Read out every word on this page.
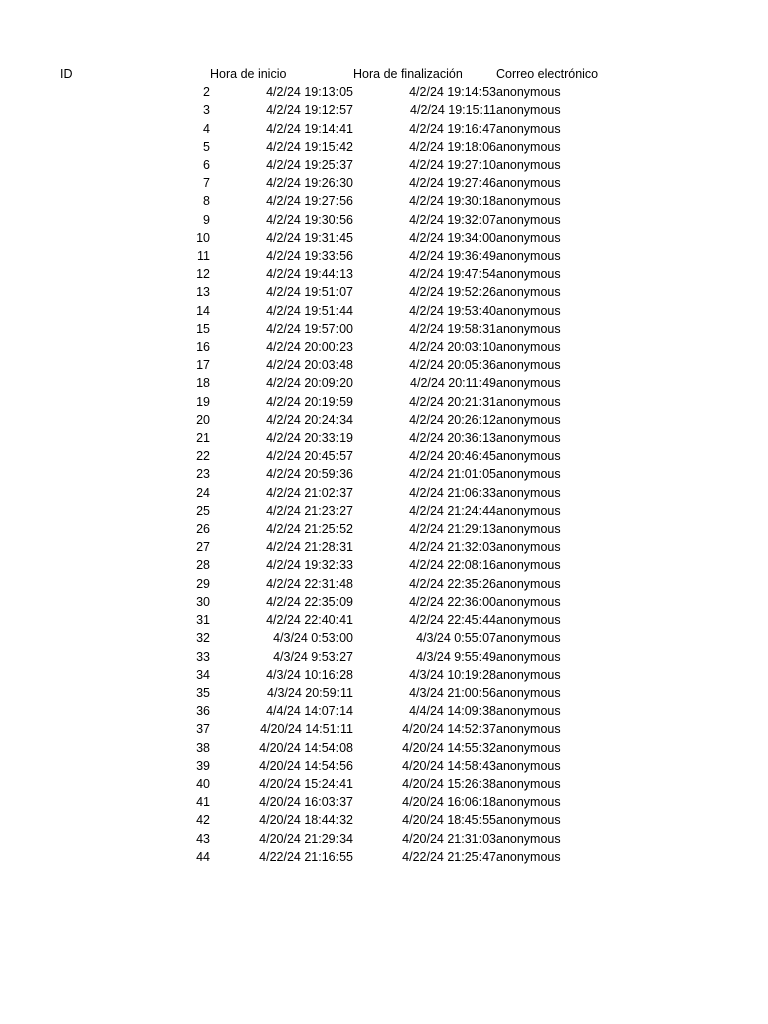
ID	Hora de inicio	Hora de finalización	Correo electrónico
2	4/2/24 19:13:05	4/2/24 19:14:53	anonymous
3	4/2/24 19:12:57	4/2/24 19:15:11	anonymous
4	4/2/24 19:14:41	4/2/24 19:16:47	anonymous
5	4/2/24 19:15:42	4/2/24 19:18:06	anonymous
6	4/2/24 19:25:37	4/2/24 19:27:10	anonymous
7	4/2/24 19:26:30	4/2/24 19:27:46	anonymous
8	4/2/24 19:27:56	4/2/24 19:30:18	anonymous
9	4/2/24 19:30:56	4/2/24 19:32:07	anonymous
10	4/2/24 19:31:45	4/2/24 19:34:00	anonymous
11	4/2/24 19:33:56	4/2/24 19:36:49	anonymous
12	4/2/24 19:44:13	4/2/24 19:47:54	anonymous
13	4/2/24 19:51:07	4/2/24 19:52:26	anonymous
14	4/2/24 19:51:44	4/2/24 19:53:40	anonymous
15	4/2/24 19:57:00	4/2/24 19:58:31	anonymous
16	4/2/24 20:00:23	4/2/24 20:03:10	anonymous
17	4/2/24 20:03:48	4/2/24 20:05:36	anonymous
18	4/2/24 20:09:20	4/2/24 20:11:49	anonymous
19	4/2/24 20:19:59	4/2/24 20:21:31	anonymous
20	4/2/24 20:24:34	4/2/24 20:26:12	anonymous
21	4/2/24 20:33:19	4/2/24 20:36:13	anonymous
22	4/2/24 20:45:57	4/2/24 20:46:45	anonymous
23	4/2/24 20:59:36	4/2/24 21:01:05	anonymous
24	4/2/24 21:02:37	4/2/24 21:06:33	anonymous
25	4/2/24 21:23:27	4/2/24 21:24:44	anonymous
26	4/2/24 21:25:52	4/2/24 21:29:13	anonymous
27	4/2/24 21:28:31	4/2/24 21:32:03	anonymous
28	4/2/24 19:32:33	4/2/24 22:08:16	anonymous
29	4/2/24 22:31:48	4/2/24 22:35:26	anonymous
30	4/2/24 22:35:09	4/2/24 22:36:00	anonymous
31	4/2/24 22:40:41	4/2/24 22:45:44	anonymous
32	4/3/24 0:53:00	4/3/24 0:55:07	anonymous
33	4/3/24 9:53:27	4/3/24 9:55:49	anonymous
34	4/3/24 10:16:28	4/3/24 10:19:28	anonymous
35	4/3/24 20:59:11	4/3/24 21:00:56	anonymous
36	4/4/24 14:07:14	4/4/24 14:09:38	anonymous
37	4/20/24 14:51:11	4/20/24 14:52:37	anonymous
38	4/20/24 14:54:08	4/20/24 14:55:32	anonymous
39	4/20/24 14:54:56	4/20/24 14:58:43	anonymous
40	4/20/24 15:24:41	4/20/24 15:26:38	anonymous
41	4/20/24 16:03:37	4/20/24 16:06:18	anonymous
42	4/20/24 18:44:32	4/20/24 18:45:55	anonymous
43	4/20/24 21:29:34	4/20/24 21:31:03	anonymous
44	4/22/24 21:16:55	4/22/24 21:25:47	anonymous
